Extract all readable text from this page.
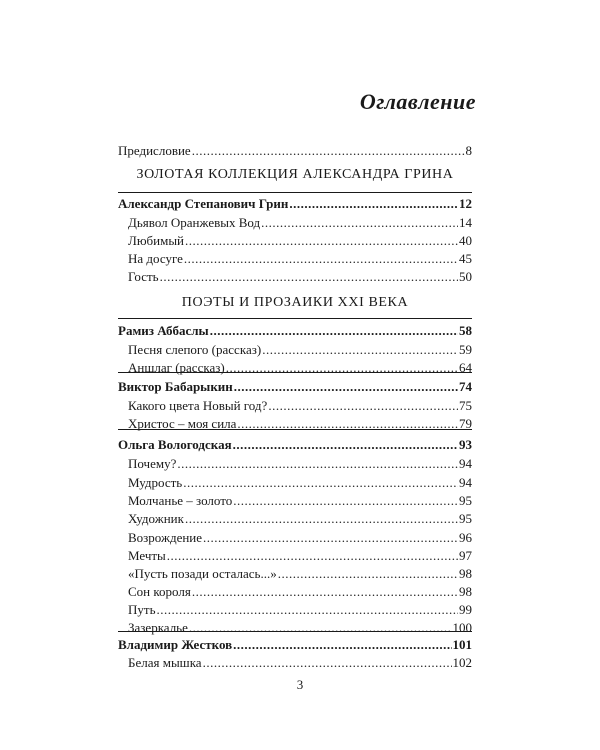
Оглавление
Предисловие .....	8
ЗОЛОТАЯ КОЛЛЕКЦИЯ АЛЕКСАНДРА ГРИНА
Александр Степанович Грин .....	12
Дьявол Оранжевых Вод .....	14
Любимый .....	40
На досуге .....	45
Гость .....	50
ПОЭТЫ И ПРОЗАИКИ XXI ВЕКА
Рамиз Аббаслы .....	58
Песня слепого (рассказ) .....	59
Аншлаг (рассказ) .....	64
Виктор Бабарыкин .....	74
Какого цвета Новый год? .....	75
Христос – моя сила .....	79
Ольга Вологодская .....	93
Почему? .....	94
Мудрость .....	94
Молчанье – золото .....	95
Художник .....	95
Возрождение .....	96
Мечты .....	97
«Пусть позади осталась...» .....	98
Сон короля .....	98
Путь .....	99
Зазеркалье .....	100
Владимир Жестков .....	101
Белая мышка .....	102
3
